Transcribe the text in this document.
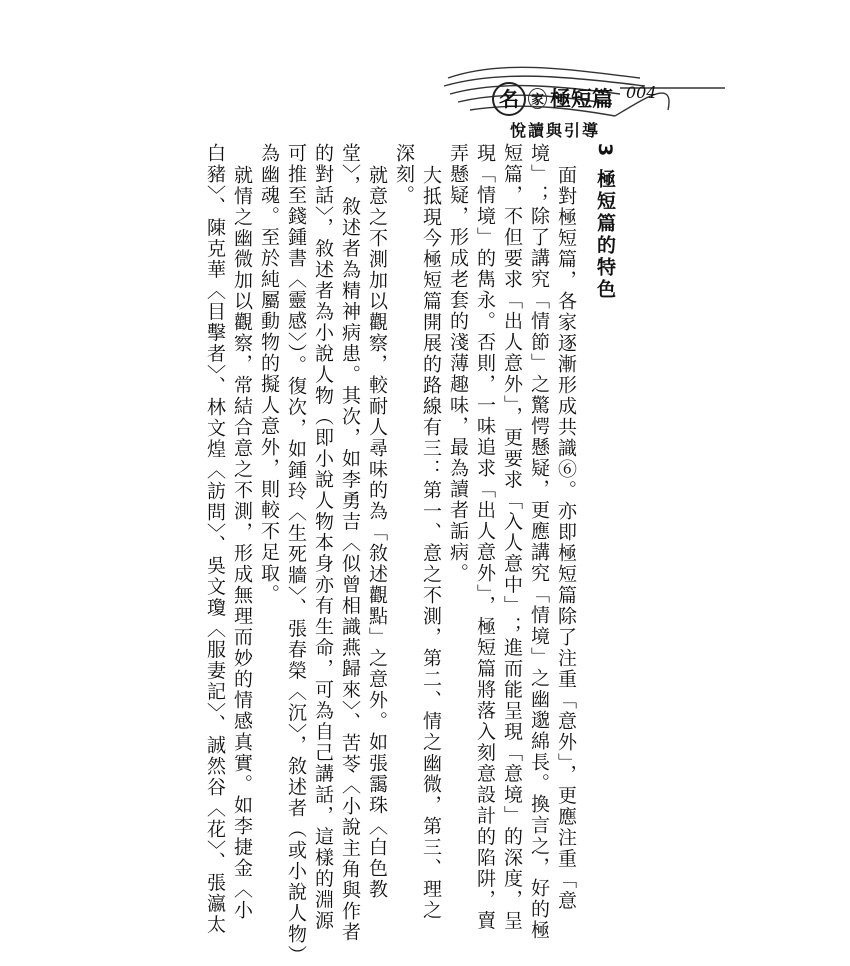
名 家 極短篇
悅讀與引導
004
3 極短篇的特色
面對極短篇，各家逐漸形成共識⑥。亦即極短篇除了注重「意外」，更應注重「意
境」；除了講究「情節」之驚愕懸疑，更應講究「情境」之幽邈綿長。換言之，好的極
短篇，不但要求「出人意外」，更要求「入人意中」；進而能呈現「意境」的深度，呈
現「情境」的雋永。否則，一味追求「出人意外」，極短篇將落入刻意設計的陷阱，賣
弄懸疑，形成老套的淺薄趣味，最為讀者詬病。
大抵現今極短篇開展的路線有三：第一、意之不測，第二、情之幽微，第三、理之
深刻。
就意之不測加以觀察，較耐人尋味的為「敘述觀點」之意外。如張靄珠〈白色教
堂〉，敘述者為精神病患。其次，如李勇吉〈似曾相識燕歸來〉、苦苓〈小說主角與作者
的對話〉，敘述者為小說人物（即小說人物本身亦有生命，可為自己講話，這樣的淵源
可推至錢鍾書〈靈感〉）。復次，如鍾玲〈生死牆〉、張春榮〈沉〉，敘述者（或小說人物）
為幽魂。至於純屬動物的擬人意外，則較不足取。
就情之幽微加以觀察，常結合意之不測，形成無理而妙的情感真實。如李捷金〈小
白豬〉、陳克華〈目擊者〉、林文煌〈訪問〉、吳文瓊〈服妻記〉、誠然谷〈花〉、張瀛太
